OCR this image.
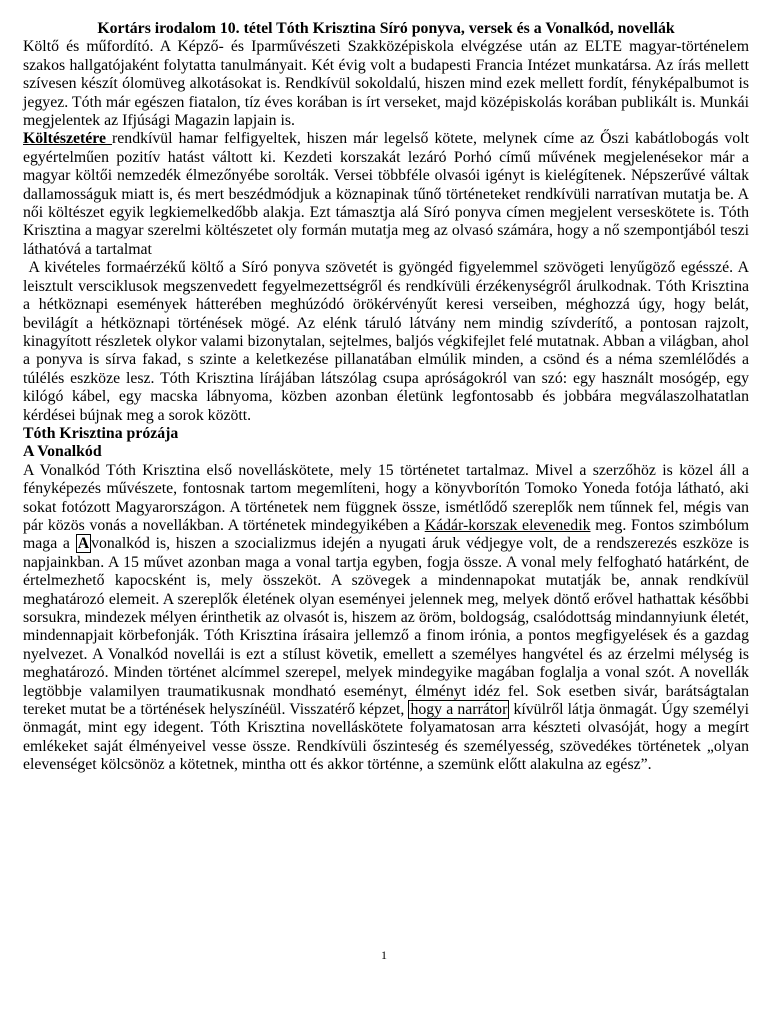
Kortárs irodalom 10. tétel Tóth Krisztina Síró ponyva, versek és a Vonalkód, novellák

Költő és műfordító. A Képző- és Iparművészeti Szakközépiskola elvégzése után az ELTE magyar-történelem szakos hallgatójaként folytatta tanulmányait. Két évig volt a budapesti Francia Intézet munkatársa. Az írás mellett szívesen készít ólomüveg alkotásokat is. Rendkívül sokoldalú, hiszen mind ezek mellett fordít, fényképalbumot is jegyez. Tóth már egészen fiatalon, tíz éves korában is írt verseket, majd középiskolás korában publikált is. Munkái megjelentek az Ifjúsági Magazin lapjain is.

Költészetére rendkívül hamar felfigyeltek, hiszen már legelső kötete, melynek címe az Őszi kabátlobogás volt egyértelműen pozitív hatást váltott ki. Kezdeti korszakát lezáró Porhó című művének megjelenésekor már a magyar költői nemzedék élmezőnyébe sorolták. Versei többféle olvasói igényt is kielégítenek. Népszerűvé váltak dallamosságuk miatt is, és mert beszédmódjuk a köznapinak tűnő történeteket rendkívüli narratívan mutatja be. A női költészet egyik legkiemelkedőbb alakja. Ezt támasztja alá Síró ponyva címen megjelent verseskötete is. Tóth Krisztina a magyar szerelmi költészetet oly formán mutatja meg az olvasó számára, hogy a nő szempontjából teszi láthatóvá a tartalmat

A kivételes formaérzékű költő a Síró ponyva szövetét is gyöngéd figyelemmel szövögeti lenyűgöző egésszé. A leisztult versciklusok megszenvedett fegyelmezettségről és rendkívüli érzékenységről árulkodnak. Tóth Krisztina a hétköznapi események hátterében meghúzódó örökérvényűt keresi verseiben, méghozzá úgy, hogy belát, bevilágít a hétköznapi történések mögé. Az elénk táruló látvány nem mindig szívderítő, a pontosan rajzolt, kinagyított részletek olykor valami bizonytalan, sejtelmes, baljós végkifejlet felé mutatnak. Abban a világban, ahol a ponyva is sírva fakad, s szinte a keletkezése pillanatában elmúlik minden, a csönd és a néma szemlélődés a túlélés eszköze lesz. Tóth Krisztina lírájában látszólag csupa apróságokról van szó: egy használt mosógép, egy kilógó kábel, egy macska lábnyoma, közben azonban életünk legfontosabb és jobbára megválaszolhatatlan kérdései bújnak meg a sorok között.

Tóth Krisztina prózája

A Vonalkód

A Vonalkód Tóth Krisztina első novelláskötete, mely 15 történetet tartalmaz. Mivel a szerzőhöz is közel áll a fényképezés művészete, fontosnak tartom megemlíteni, hogy a könyvborítón Tomoko Yoneda fotója látható, aki sokat fotózott Magyarországon. A történetek nem függnek össze, ismétlődő szereplők nem tűnnek fel, mégis van pár közös vonás a novellákban. A történetek mindegyikében a Kádár-korszak elevenedik meg. Fontos szimbólum maga a A vonalkód is, hiszen a szocializmus idején a nyugati áruk védjegye volt, de a rendszerezés eszköze is napjainkban. A 15 művet azonban maga a vonal tartja egyben, fogja össze. A vonal mely felfogható határként, de értelmezhető kapocsként is, mely összeköt. A szövegek a mindennapokat mutatják be, annak rendkívül meghatározó elemeit. A szereplők életének olyan eseményei jelennek meg, melyek döntő erővel hathattak későbbi sorsukra, mindezek mélyen érinthetik az olvasót is, hiszem az öröm, boldogság, csalódottság mindannyiunk életét, mindennapjait körbefonják. Tóth Krisztina írásaira jellemző a finom irónia, a pontos megfigyelések és a gazdag nyelvezet. A Vonalkód novellái is ezt a stílust követik, emellett a személyes hangvétel és az érzelmi mélység is meghatározó. Minden történet alcímmel szerepel, melyek mindegyike magában foglalja a vonal szót. A novellák legtöbbje valamilyen traumatikusnak mondható eseményt, élményt idéz fel. Sok esetben sivár, barátságtalan tereket mutat be a történések helyszínéül. Visszatérő képzet, hogy a narrátor kívülről látja önmagát. Úgy személyi önmagát, mint egy idegent. Tóth Krisztina novelláskötete folyamatosan arra készteti olvasóját, hogy a megírt emlékeket saját élményeivel vesse össze. Rendkívüli őszinteség és személyesség, szövedékes történetek „olyan elevenséget kölcsönöz a kötetnek, mintha ott és akkor történne, a szemünk előtt alakulna az egész”.

1
